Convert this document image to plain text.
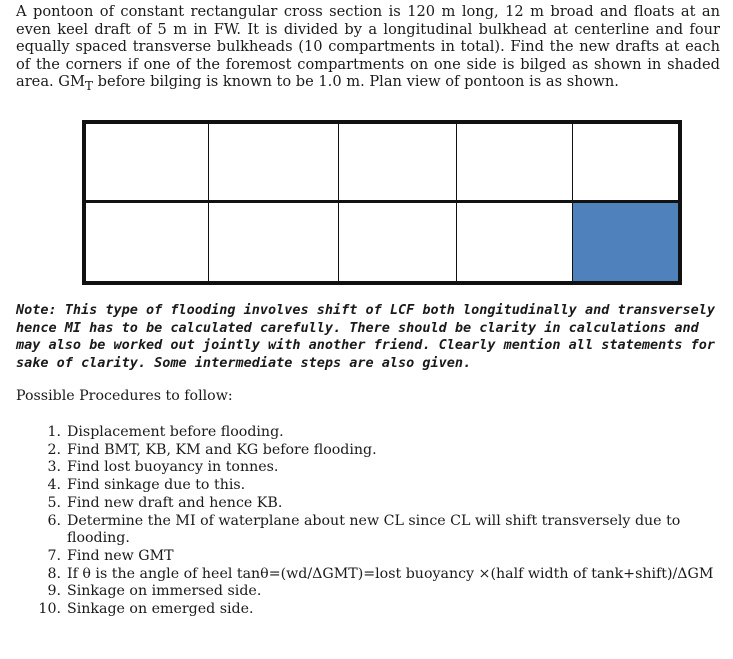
A pontoon of constant rectangular cross section is 120 m long, 12 m broad and floats at an even keel draft of 5 m in FW. It is divided by a longitudinal bulkhead at centerline and four equally spaced transverse bulkheads (10 compartments in total). Find the new drafts at each of the corners if one of the foremost compartments on one side is bilged as shown in shaded area. $GM_T$ before bilging is known to be 1.0 m. Plan view of pontoon is as shown.

Note: This type of flooding involves shift of LCF both longitudinally and transversely hence MI has to be calculated carefully. There should be clarity in calculations and may also be worked out jointly with another friend. Clearly mention all statements for sake of clarity. Some intermediate steps are also given.

Possible Procedures to follow:

1. Displacement before flooding.
2. Find BMT, KB, KM and KG before flooding.
3. Find lost buoyancy in tonnes.
4. Find sinkage due to this.
5. Find new draft and hence KB.
6. Determine the MI of waterplane about new CL since CL will shift transversely due to flooding.
7. Find new GMT
8. If θ is the angle of heel tanθ=(wd/ΔGMT)=lost buoyancy ×(half width of tank+shift)/ΔGM
9. Sinkage on immersed side.
10. Sinkage on emerged side.
